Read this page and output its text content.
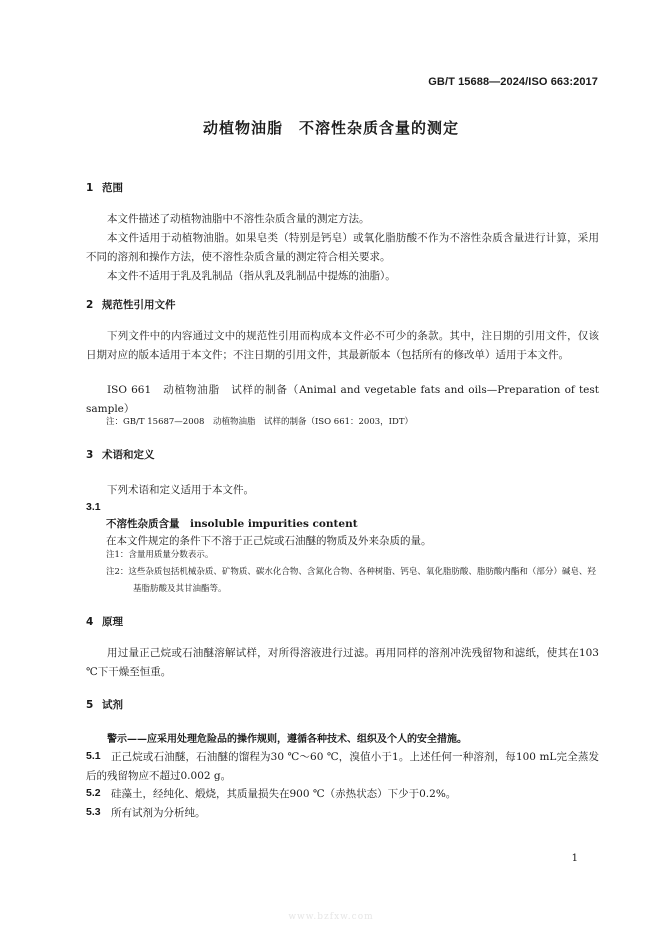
GB/T 15688—2024/ISO 663:2017
动植物油脂　不溶性杂质含量的测定
1 范围
本文件描述了动植物油脂中不溶性杂质含量的测定方法。
本文件适用于动植物油脂。如果皂类（特别是钙皂）或氧化脂肪酸不作为不溶性杂质含量进行计算，采用不同的溶剂和操作方法，使不溶性杂质含量的测定符合相关要求。
本文件不适用于乳及乳制品（指从乳及乳制品中提炼的油脂）。
2 规范性引用文件
下列文件中的内容通过文中的规范性引用而构成本文件必不可少的条款。其中，注日期的引用文件，仅该日期对应的版本适用于本文件；不注日期的引用文件，其最新版本（包括所有的修改单）适用于本文件。
ISO 661　动植物油脂　试样的制备（Animal and vegetable fats and oils—Preparation of test sample）
注：GB/T 15687—2008　动植物油脂　试样的制备（ISO 661：2003，IDT）
3 术语和定义
下列术语和定义适用于本文件。
3.1
不溶性杂质含量　 insoluble impurities content
在本文件规定的条件下不溶于正己烷或石油醚的物质及外来杂质的量。
注1：含量用质量分数表示。
注2：这些杂质包括机械杂质、矿物质、碳水化合物、含氮化合物、各种树脂、钙皂、氧化脂肪酸、脂肪酸内酯和（部分）碱皂、羟基脂肪酸及其甘油酯等。
4 原理
用过量正己烷或石油醚溶解试样，对所得溶液进行过滤。再用同样的溶剂冲洗残留物和滤纸，使其在103 ℃下干燥至恒重。
5 试剂
警示——应采用处理危险品的操作规则，遵循各种技术、组织及个人的安全措施。
5.1 正己烷或石油醚，石油醚的馏程为30 ℃～60 ℃，溴值小于1。上述任何一种溶剂，每100 mL完全蒸发后的残留物应不超过0.002 g。
5.2 硅藻土，经纯化、煅烧，其质量损失在900 ℃（赤热状态）下少于0.2%。
5.3 所有试剂为分析纯。
1
www.bzfxw.com
